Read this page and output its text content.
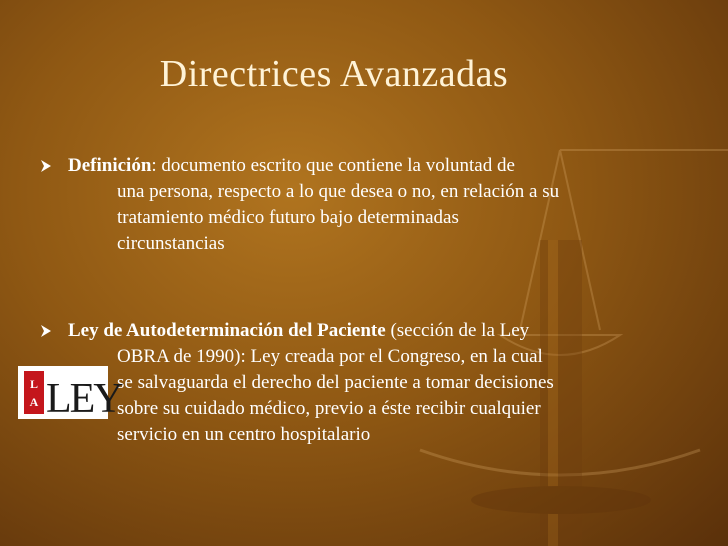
Directrices Avanzadas
Definición: documento escrito que contiene la voluntad de
una persona, respecto a lo que desea o no, en relación a su
tratamiento médico futuro bajo determinadas
circunstancias
Ley de Autodeterminación del Paciente (sección de la Ley
OBRA de 1990): Ley creada por el Congreso, en la cual
se salvaguarda el derecho del paciente a tomar decisiones
sobre su cuidado médico, previo a éste recibir cualquier
servicio en un centro hospitalario
L
A LEY
